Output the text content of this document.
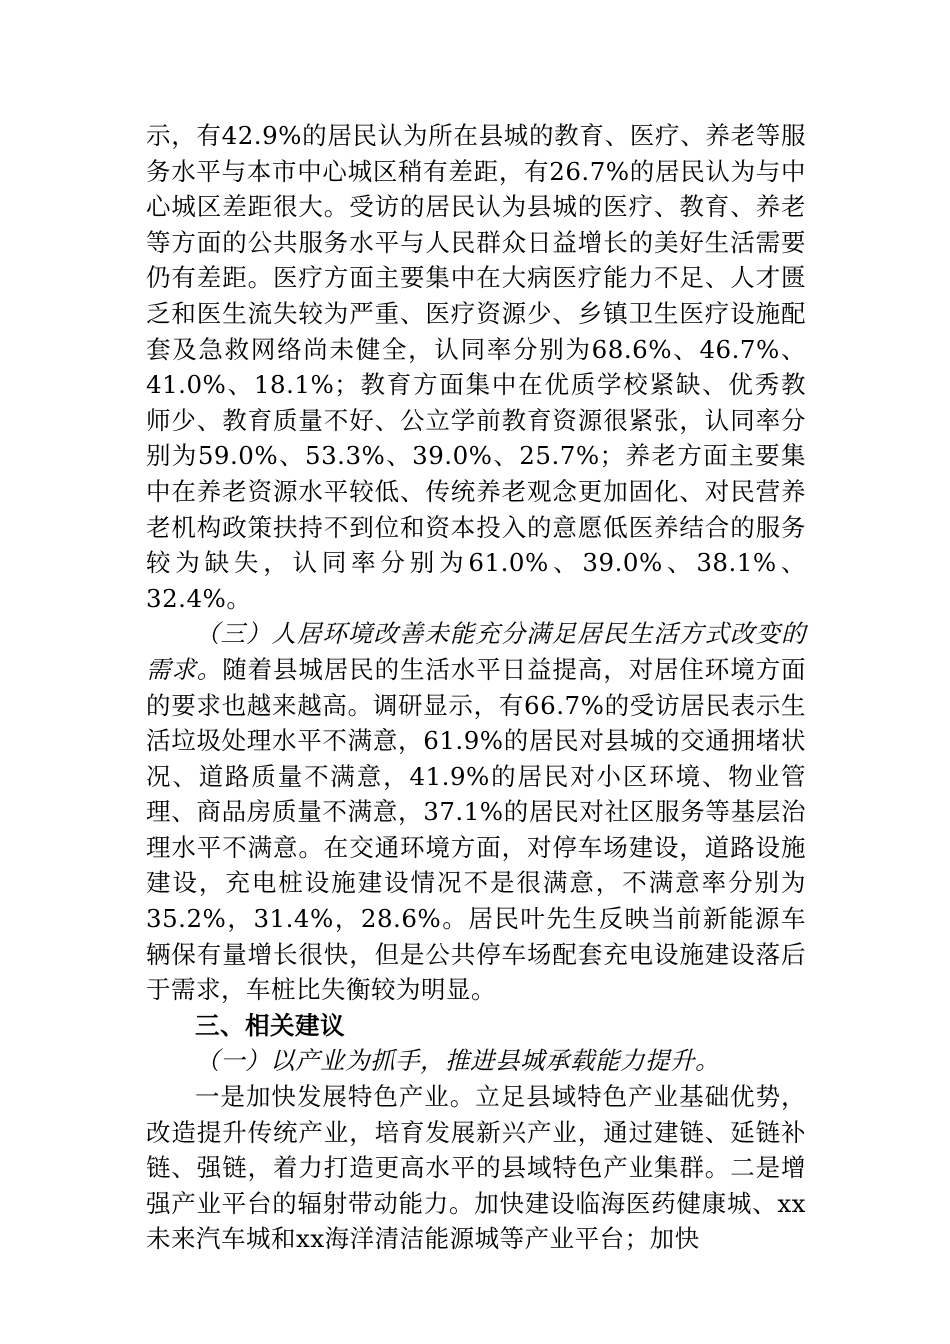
示，有42.9%的居民认为所在县城的教育、医疗、养老等服务水平与本市中心城区稍有差距，有26.7%的居民认为与中心城区差距很大。受访的居民认为县城的医疗、教育、养老等方面的公共服务水平与人民群众日益增长的美好生活需要仍有差距。医疗方面主要集中在大病医疗能力不足、人才匮乏和医生流失较为严重、医疗资源少、乡镇卫生医疗设施配套及急救网络尚未健全，认同率分别为68.6%、46.7%、41.0%、18.1%；教育方面集中在优质学校紧缺、优秀教师少、教育质量不好、公立学前教育资源很紧张，认同率分别为59.0%、53.3%、39.0%、25.7%；养老方面主要集中在养老资源水平较低、传统养老观念更加固化、对民营养老机构政策扶持不到位和资本投入的意愿低医养结合的服务较为缺失，认同率分别为61.0%、39.0%、38.1%、32.4%。

（三）人居环境改善未能充分满足居民生活方式改变的需求。随着县城居民的生活水平日益提高，对居住环境方面的要求也越来越高。调研显示，有66.7%的受访居民表示生活垃圾处理水平不满意，61.9%的居民对县城的交通拥堵状况、道路质量不满意，41.9%的居民对小区环境、物业管理、商品房质量不满意，37.1%的居民对社区服务等基层治理水平不满意。在交通环境方面，对停车场建设，道路设施建设，充电桩设施建设情况不是很满意，不满意率分别为35.2%，31.4%，28.6%。居民叶先生反映当前新能源车辆保有量增长很快，但是公共停车场配套充电设施建设落后于需求，车桩比失衡较为明显。

三、相关建议

（一）以产业为抓手，推进县城承载能力提升。

一是加快发展特色产业。立足县域特色产业基础优势，改造提升传统产业，培育发展新兴产业，通过建链、延链补链、强链，着力打造更高水平的县域特色产业集群。二是增强产业平台的辐射带动能力。加快建设临海医药健康城、xx未来汽车城和xx海洋清洁能源城等产业平台；加快
